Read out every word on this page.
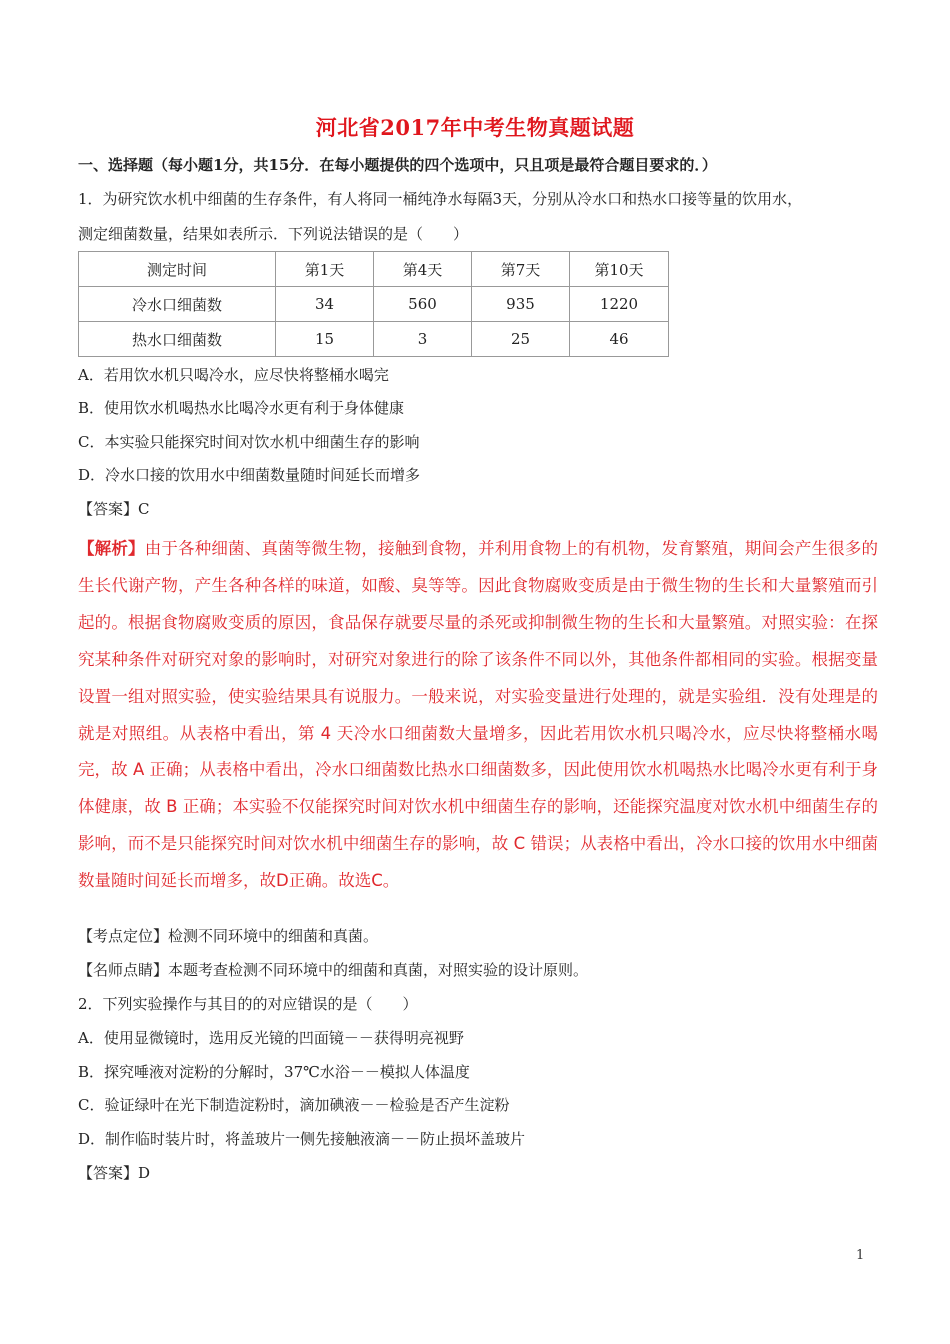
河北省2017年中考生物真题试题
一、选择题（每小题1分，共15分．在每小题提供的四个选项中，只且项是最符合题目要求的．）
1．为研究饮水机中细菌的生存条件，有人将同一桶纯净水每隔3天，分别从冷水口和热水口接等量的饮用水，
测定细菌数量，结果如表所示．下列说法错误的是（　　）
测定时间	第1天	第4天	第7天	第10天
冷水口细菌数	34	560	935	1220
热水口细菌数	15	3	25	46
A．若用饮水机只喝冷水，应尽快将整桶水喝完
B．使用饮水机喝热水比喝冷水更有利于身体健康
C．本实验只能探究时间对饮水机中细菌生存的影响
D．冷水口接的饮用水中细菌数量随时间延长而增多
【答案】C
【解析】由于各种细菌、真菌等微生物，接触到食物，并利用食物上的有机物，发育繁殖，期间会产生很多的生长代谢产物，产生各种各样的味道，如酸、臭等等。因此食物腐败变质是由于微生物的生长和大量繁殖而引起的。根据食物腐败变质的原因，食品保存就要尽量的杀死或抑制微生物的生长和大量繁殖。对照实验：在探究某种条件对研究对象的影响时，对研究对象进行的除了该条件不同以外，其他条件都相同的实验。根据变量设置一组对照实验，使实验结果具有说服力。一般来说，对实验变量进行处理的，就是实验组．没有处理是的就是对照组。从表格中看出，第 4 天冷水口细菌数大量增多，因此若用饮水机只喝冷水，应尽快将整桶水喝完，故 A 正确；从表格中看出，冷水口细菌数比热水口细菌数多，因此使用饮水机喝热水比喝冷水更有利于身体健康，故 B 正确；本实验不仅能探究时间对饮水机中细菌生存的影响，还能探究温度对饮水机中细菌生存的影响，而不是只能探究时间对饮水机中细菌生存的影响，故 C 错误；从表格中看出，冷水口接的饮用水中细菌数量随时间延长而增多，故D正确。故选C。
【考点定位】检测不同环境中的细菌和真菌。
【名师点睛】本题考查检测不同环境中的细菌和真菌，对照实验的设计原则。
2．下列实验操作与其目的的对应错误的是（　　）
A．使用显微镜时，选用反光镜的凹面镜－－获得明亮视野
B．探究唾液对淀粉的分解时，37℃水浴－－模拟人体温度
C．验证绿叶在光下制造淀粉时，滴加碘液－－检验是否产生淀粉
D．制作临时装片时，将盖玻片一侧先接触液滴－－防止损坏盖玻片
【答案】D
1
